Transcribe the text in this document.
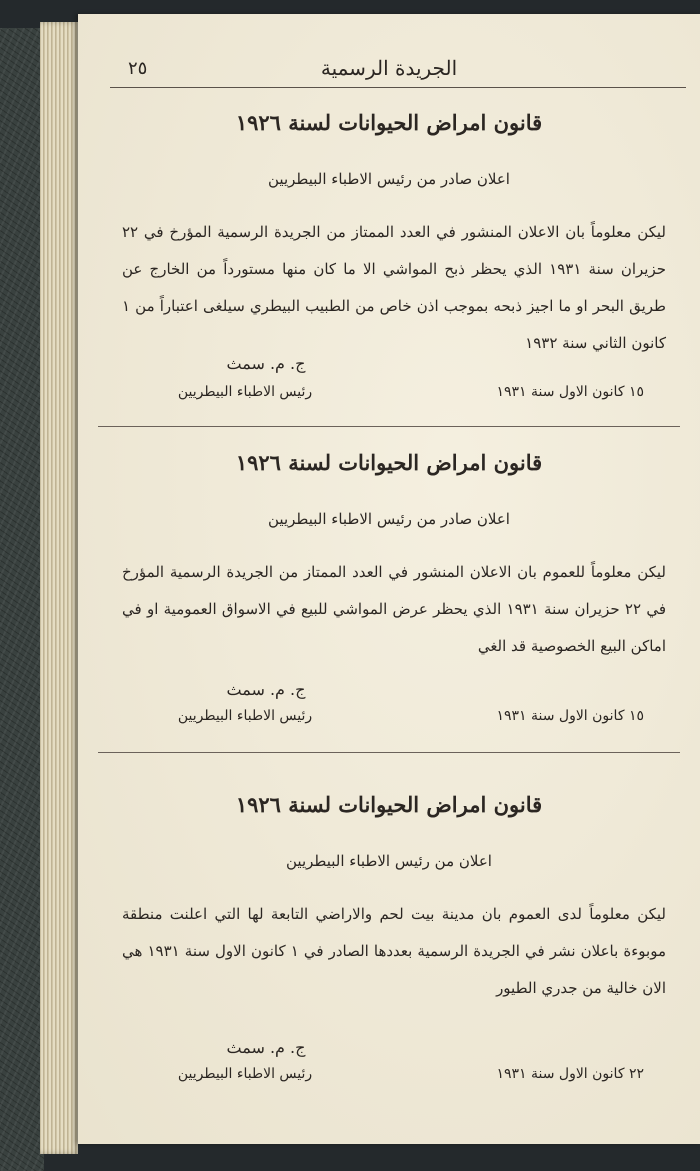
الجريدة الرسمية
٢٥
قانون امراض الحيوانات لسنة ١٩٢٦
اعلان صادر من رئيس الاطباء البيطريين
ليكن معلوماً بان الاعلان المنشور في العدد الممتاز من الجريدة الرسمية المؤرخ في ٢٢ حزيران سنة ١٩٣١ الذي يحظر ذبح المواشي الا ما كان منها مستورداً من الخارج عن طريق البحر او ما اجيز ذبحه بموجب اذن خاص من الطبيب البيطري سيلغى اعتباراً من ١ كانون الثاني سنة ١٩٣٢
ج. م. سمث
رئيس الاطباء البيطريين	١٥ كانون الاول سنة ١٩٣١
قانون امراض الحيوانات لسنة ١٩٢٦
اعلان صادر من رئيس الاطباء البيطريين
ليكن معلوماً للعموم بان الاعلان المنشور في العدد الممتاز من الجريدة الرسمية المؤرخ في ٢٢ حزيران سنة ١٩٣١ الذي يحظر عرض المواشي للبيع في الاسواق العمومية او في اماكن البيع الخصوصية قد الغي
ج. م. سمث
رئيس الاطباء البيطريين	١٥ كانون الاول سنة ١٩٣١
قانون امراض الحيوانات لسنة ١٩٢٦
اعلان من رئيس الاطباء البيطريين
ليكن معلوماً لدى العموم بان مدينة بيت لحم والاراضي التابعة لها التي اعلنت منطقة موبوءة باعلان نشر في الجريدة الرسمية بعددها الصادر في ١ كانون الاول سنة ١٩٣١ هي الان خالية من جدري الطيور
ج. م. سمث
رئيس الاطباء البيطريين	٢٢ كانون الاول سنة ١٩٣١
